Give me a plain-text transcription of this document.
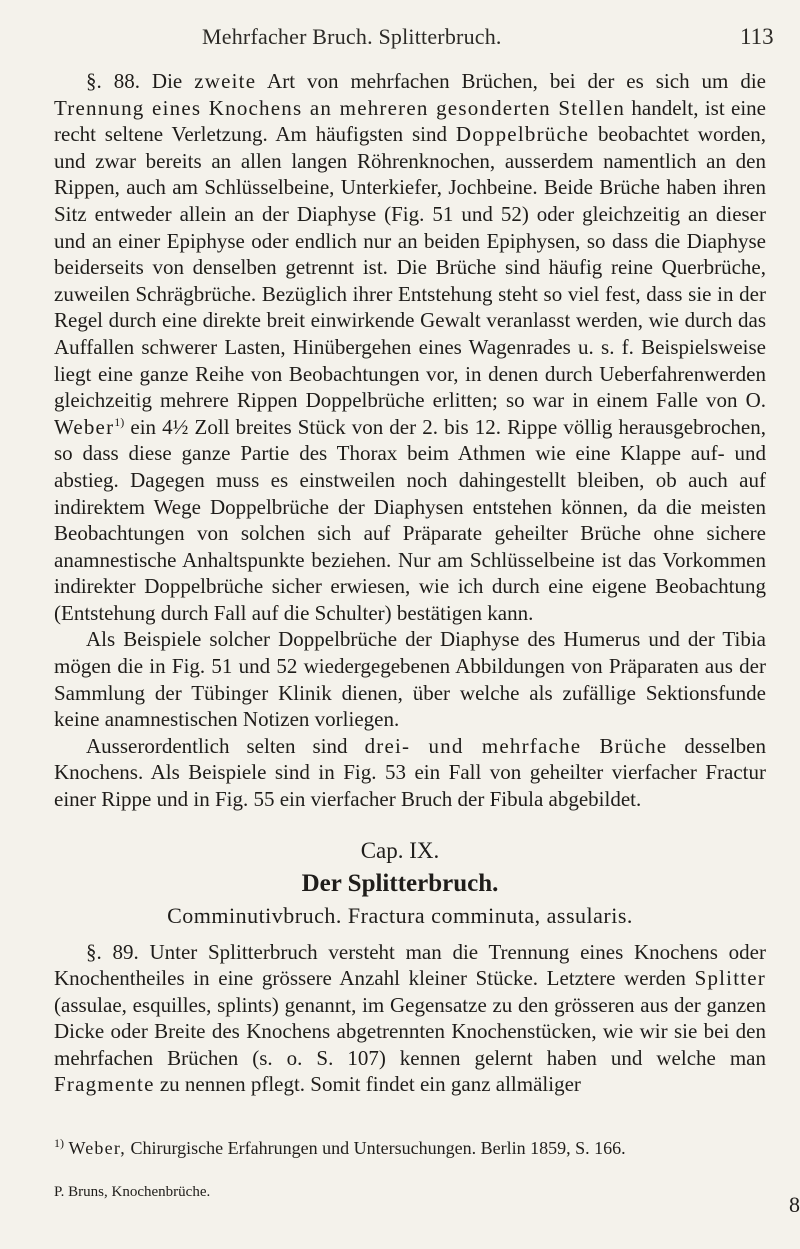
Mehrfacher Bruch. Splitterbruch.	113

§. 88. Die zweite Art von mehrfachen Brüchen, bei der es sich um die Trennung eines Knochens an mehreren gesonderten Stellen handelt, ist eine recht seltene Verletzung. Am häufigsten sind Doppelbrüche beobachtet worden, und zwar bereits an allen langen Röhrenknochen, ausserdem namentlich an den Rippen, auch am Schlüsselbeine, Unterkiefer, Jochbeine. Beide Brüche haben ihren Sitz entweder allein an der Diaphyse (Fig. 51 und 52) oder gleichzeitig an dieser und an einer Epiphyse oder endlich nur an beiden Epiphysen, so dass die Diaphyse beiderseits von denselben getrennt ist. Die Brüche sind häufig reine Querbrüche, zuweilen Schrägbrüche. Bezüglich ihrer Entstehung steht so viel fest, dass sie in der Regel durch eine direkte breit einwirkende Gewalt veranlasst werden, wie durch das Auffallen schwerer Lasten, Hinübergehen eines Wagenrades u. s. f. Beispielsweise liegt eine ganze Reihe von Beobachtungen vor, in denen durch Ueberfahrenwerden gleichzeitig mehrere Rippen Doppelbrüche erlitten; so war in einem Falle von O. Weber$^{1)}$ ein 4½ Zoll breites Stück von der 2. bis 12. Rippe völlig herausgebrochen, so dass diese ganze Partie des Thorax beim Athmen wie eine Klappe auf- und abstieg. Dagegen muss es einstweilen noch dahingestellt bleiben, ob auch auf indirektem Wege Doppelbrüche der Diaphysen entstehen können, da die meisten Beobachtungen von solchen sich auf Präparate geheilter Brüche ohne sichere anamnestische Anhaltspunkte beziehen. Nur am Schlüsselbeine ist das Vorkommen indirekter Doppelbrüche sicher erwiesen, wie ich durch eine eigene Beobachtung (Entstehung durch Fall auf die Schulter) bestätigen kann.

Als Beispiele solcher Doppelbrüche der Diaphyse des Humerus und der Tibia mögen die in Fig. 51 und 52 wiedergegebenen Abbildungen von Präparaten aus der Sammlung der Tübinger Klinik dienen, über welche als zufällige Sektionsfunde keine anamnestischen Notizen vorliegen.

Ausserordentlich selten sind drei- und mehrfache Brüche desselben Knochens. Als Beispiele sind in Fig. 53 ein Fall von geheilter vierfacher Fractur einer Rippe und in Fig. 55 ein vierfacher Bruch der Fibula abgebildet.

Cap. IX.
Der Splitterbruch.
Comminutivbruch. Fractura comminuta, assularis.

§. 89. Unter Splitterbruch versteht man die Trennung eines Knochens oder Knochentheiles in eine grössere Anzahl kleiner Stücke. Letztere werden Splitter (assulae, esquilles, splints) genannt, im Gegensatze zu den grösseren aus der ganzen Dicke oder Breite des Knochens abgetrennten Knochenstücken, wie wir sie bei den mehrfachen Brüchen (s. o. S. 107) kennen gelernt haben und welche man Fragmente zu nennen pflegt. Somit findet ein ganz allmäliger

$^{1)}$ Weber, Chirurgische Erfahrungen und Untersuchungen. Berlin 1859, S. 166.

P. Bruns, Knochenbrüche.	8
